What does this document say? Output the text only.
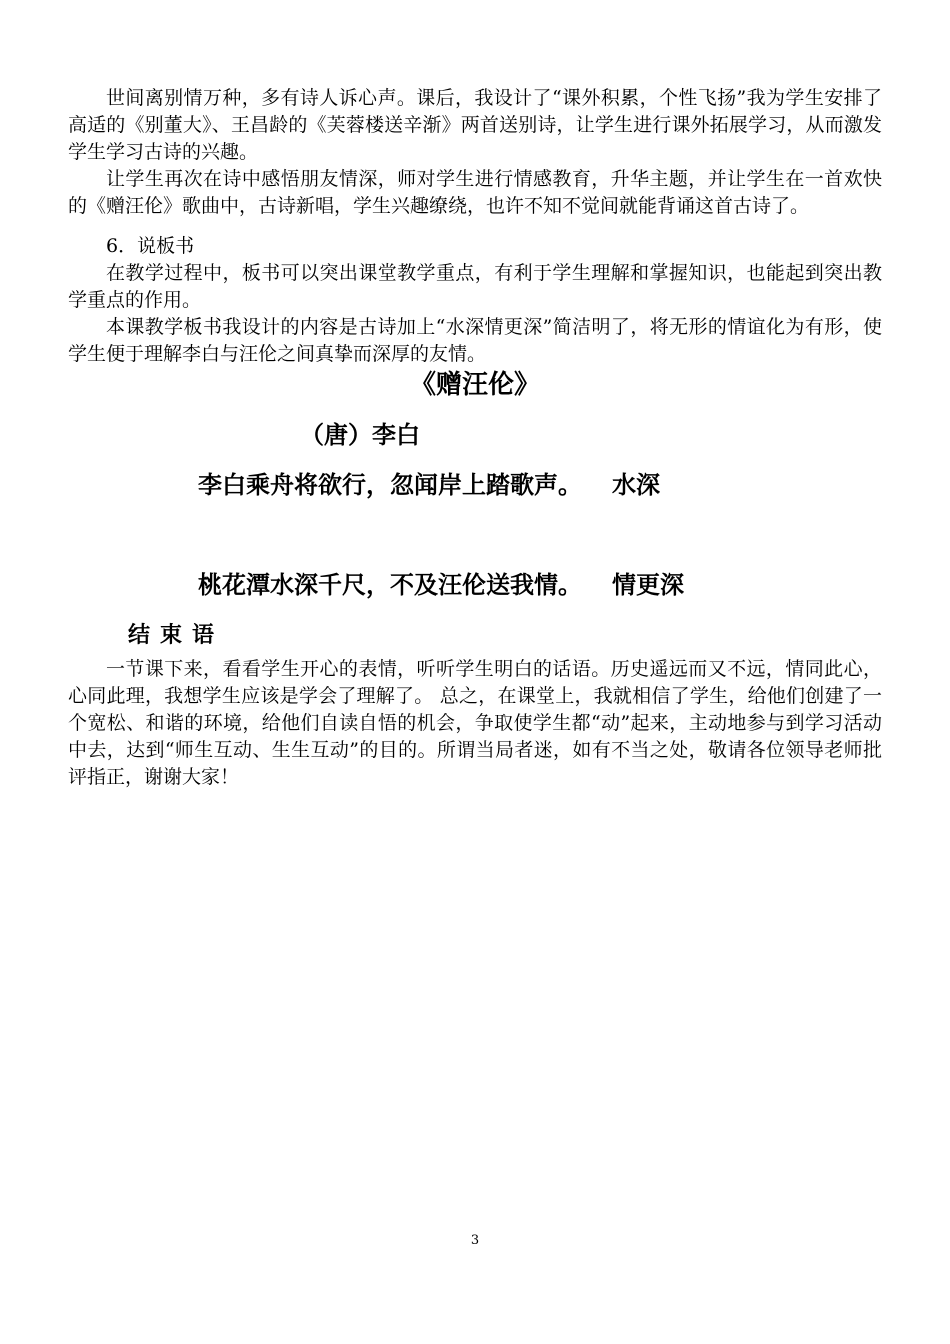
世间离别情万种，多有诗人诉心声。课后，我设计了“课外积累，个性飞扬”我为学生安排了高适的《别董大》、王昌龄的《芙蓉楼送辛渐》两首送别诗，让学生进行课外拓展学习，从而激发学生学习古诗的兴趣。

让学生再次在诗中感悟朋友情深，师对学生进行情感教育，升华主题，并让学生在一首欢快的《赠汪伦》歌曲中，古诗新唱，学生兴趣缭绕，也许不知不觉间就能背诵这首古诗了。

6．说板书

在教学过程中，板书可以突出课堂教学重点，有利于学生理解和掌握知识，也能起到突出教学重点的作用。

本课教学板书我设计的内容是古诗加上“水深情更深”简洁明了，将无形的情谊化为有形，使学生便于理解李白与汪伦之间真挚而深厚的友情。

《赠汪伦》

（唐）李白

李白乘舟将欲行，忽闻岸上踏歌声。 水深

桃花潭水深千尺，不及汪伦送我情。 情更深

结束语

一节课下来，看看学生开心的表情，听听学生明白的话语。历史遥远而又不远，情同此心，心同此理，我想学生应该是学会了理解了。 总之，在课堂上，我就相信了学生，给他们创建了一个宽松、和谐的环境，给他们自读自悟的机会，争取使学生都“动”起来，主动地参与到学习活动中去，达到“师生互动、生生互动”的目的。所谓当局者迷，如有不当之处，敬请各位领导老师批评指正，谢谢大家！

3
